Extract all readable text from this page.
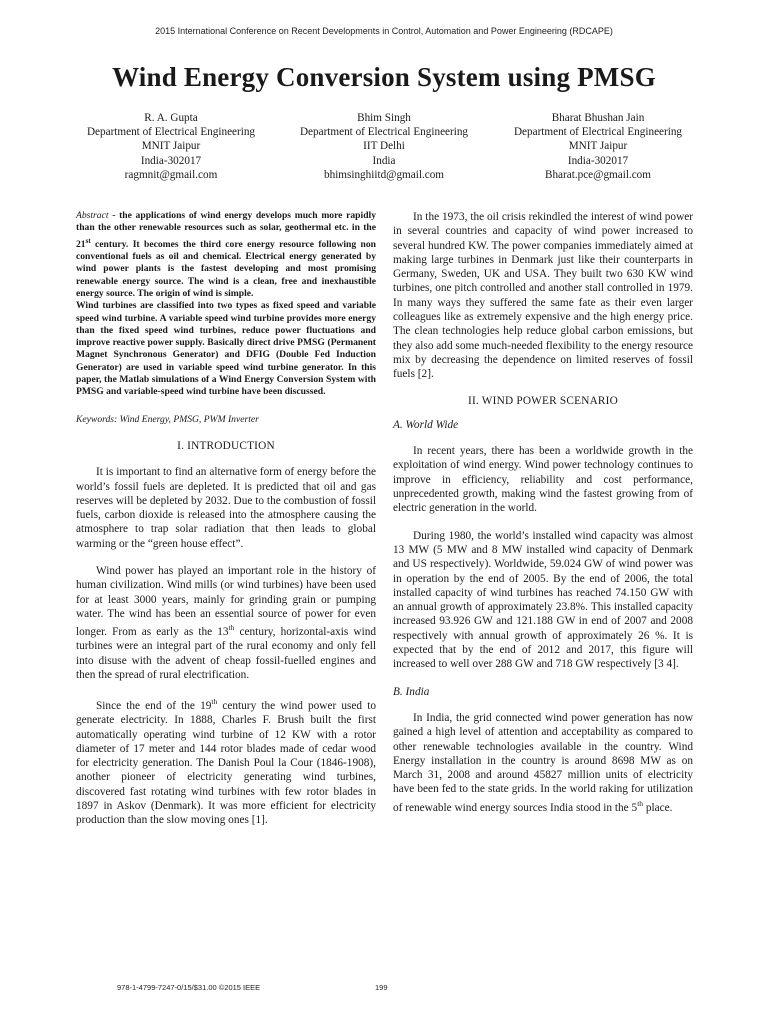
2015 International Conference on Recent Developments in Control, Automation and Power Engineering (RDCAPE)
Wind Energy Conversion System using PMSG
R. A. Gupta
Department of Electrical Engineering
MNIT Jaipur
India-302017
ragmnit@gmail.com
Bhim Singh
Department of Electrical Engineering
IIT Delhi
India
bhimsinghiitd@gmail.com
Bharat Bhushan Jain
Department of Electrical Engineering
MNIT Jaipur
India-302017
Bharat.pce@gmail.com

Abstract - the applications of wind energy develops much more rapidly than the other renewable resources such as solar, geothermal etc. in the 21st century. It becomes the third core energy resource following non conventional fuels as oil and chemical. Electrical energy generated by wind power plants is the fastest developing and most promising renewable energy source. The wind is a clean, free and inexhaustible energy source. The origin of wind is simple.

Wind turbines are classified into two types as fixed speed and variable speed wind turbine. A variable speed wind turbine provides more energy than the fixed speed wind turbines, reduce power fluctuations and improve reactive power supply. Basically direct drive PMSG (Permanent Magnet Synchronous Generator) and DFIG (Double Fed Induction Generator) are used in variable speed wind turbine generator. In this paper, the Matlab simulations of a Wind Energy Conversion System with PMSG and variable-speed wind turbine have been discussed.

Keywords: Wind Energy, PMSG, PWM Inverter

I. INTRODUCTION

It is important to find an alternative form of energy before the world’s fossil fuels are depleted. It is predicted that oil and gas reserves will be depleted by 2032. Due to the combustion of fossil fuels, carbon dioxide is released into the atmosphere causing the atmosphere to trap solar radiation that then leads to global warming or the “green house effect”.

Wind power has played an important role in the history of human civilization. Wind mills (or wind turbines) have been used for at least 3000 years, mainly for grinding grain or pumping water. The wind has been an essential source of power for even longer. From as early as the 13th century, horizontal-axis wind turbines were an integral part of the rural economy and only fell into disuse with the advent of cheap fossil-fuelled engines and then the spread of rural electrification.

Since the end of the 19th century the wind power used to generate electricity. In 1888, Charles F. Brush built the first automatically operating wind turbine of 12 KW with a rotor diameter of 17 meter and 144 rotor blades made of cedar wood for electricity generation. The Danish Poul la Cour (1846-1908), another pioneer of electricity generating wind turbines, discovered fast rotating wind turbines with few rotor blades in 1897 in Askov (Denmark). It was more efficient for electricity production than the slow moving ones [1].

In the 1973, the oil crisis rekindled the interest of wind power in several countries and capacity of wind power increased to several hundred KW. The power companies immediately aimed at making large turbines in Denmark just like their counterparts in Germany, Sweden, UK and USA. They built two 630 KW wind turbines, one pitch controlled and another stall controlled in 1979. In many ways they suffered the same fate as their even larger colleagues like as extremely expensive and the high energy price. The clean technologies help reduce global carbon emissions, but they also add some much-needed flexibility to the energy resource mix by decreasing the dependence on limited reserves of fossil fuels [2].

II. WIND POWER SCENARIO

A. World Wide

In recent years, there has been a worldwide growth in the exploitation of wind energy. Wind power technology continues to improve in efficiency, reliability and cost performance, unprecedented growth, making wind the fastest growing from of electric generation in the world.

During 1980, the world’s installed wind capacity was almost 13 MW (5 MW and 8 MW installed wind capacity of Denmark and US respectively). Worldwide, 59.024 GW of wind power was in operation by the end of 2005. By the end of 2006, the total installed capacity of wind turbines has reached 74.150 GW with an annual growth of approximately 23.8%. This installed capacity increased 93.926 GW and 121.188 GW in end of 2007 and 2008 respectively with annual growth of approximately 26 %. It is expected that by the end of 2012 and 2017, this figure will increased to well over 288 GW and 718 GW respectively [3 4].

B. India

In India, the grid connected wind power generation has now gained a high level of attention and acceptability as compared to other renewable technologies available in the country. Wind Energy installation in the country is around 8698 MW as on March 31, 2008 and around 45827 million units of electricity have been fed to the state grids. In the world raking for utilization of renewable wind energy sources India stood in the 5th place.

978-1-4799-7247-0/15/$31.00 ©2015 IEEE	199
